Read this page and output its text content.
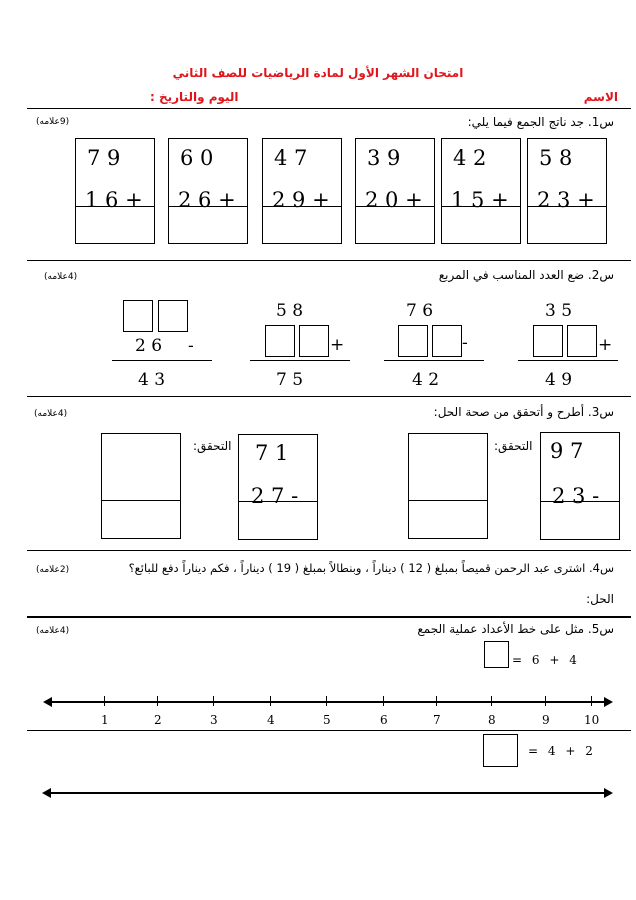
امتحان الشهر الأول لمادة الرياضيات للصف الثاني
الاسم
اليوم والتاريخ :
س1. جد ناتج الجمع فيما يلي:
(9علامه)
5 8
2 3 +
4 2
1 5 +
3 9
2 0 +
4 7
2 9 +
6 0
2 6 +
7 9
1 6 +
س2. ضع العدد المناسب في المربع
(4علامه)
3 5
+
4 9
7 6
-
4 2
5 8
+
7 5
2 6 -
4 3
س3. أطرح و أتحقق من صحة الحل:
(4علامه)
9 7
2 3 -
التحقق:
7 1
2 7 -
التحقق:
س4. اشترى عبد الرحمن قميصاً بمبلغ ( 12 ) ديناراً ، وبنطالاً بمبلغ ( 19 ) ديناراً ، فكم ديناراً دفع للبائع؟
(2علامه)
الحل:
س5. مثل على خط الأعداد عملية الجمع
(4علامه)
= 6 + 4
1	2	3	4	5	6	7	8	9	10
= 4 + 2
